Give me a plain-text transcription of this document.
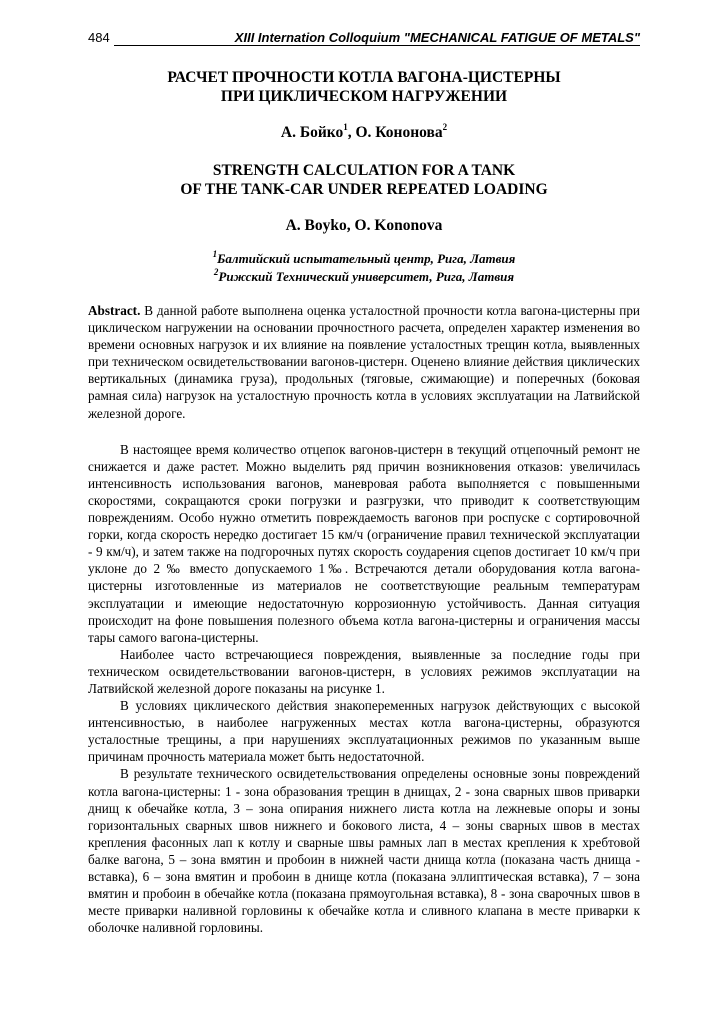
484	XIII Internation Colloquium "MECHANICAL FATIGUE OF METALS"
РАСЧЕТ ПРОЧНОСТИ КОТЛА ВАГОНА-ЦИСТЕРНЫ
ПРИ ЦИКЛИЧЕСКОМ НАГРУЖЕНИИ
А. Бойко$^1$, О. Кононова$^2$
STRENGTH CALCULATION FOR A TANK
OF THE TANK-CAR UNDER REPEATED LOADING
A. Boyko, O. Kononova
$^1$Балтийский испытательный центр, Рига, Латвия
$^2$Рижский Технический университет, Рига, Латвия
Abstract. В данной работе выполнена оценка усталостной прочности котла вагона-цистерны при циклическом нагружении на основании прочностного расчета, определен характер изменения во времени основных нагрузок и их влияние на появление усталостных трещин котла, выявленных при техническом освидетельствовании вагонов-цистерн. Оценено влияние действия циклических вертикальных (динамика груза), продольных (тяговые, сжимающие) и поперечных (боковая рамная сила) нагрузок на усталостную прочность котла в условиях эксплуатации на Латвийской железной дороге.

В настоящее время количество отцепок вагонов-цистерн в текущий отцепочный ремонт не снижается и даже растет. Можно выделить ряд причин возникновения отказов: увеличилась интенсивность использования вагонов, маневровая работа выполняется с повышенными скоростями, сокращаются сроки погрузки и разгрузки, что приводит к соответствующим повреждениям. Особо нужно отметить повреждаемость вагонов при роспуске с сортировочной горки, когда скорость нередко достигает 15 км/ч (ограничение правил технической эксплуатации - 9 км/ч), и затем также на подгорочных путях скорость соударения сцепов достигает 10 км/ч при уклоне до 2 ‰ вместо допускаемого 1‰. Встречаются детали оборудования котла вагона-цистерны изготовленные из материалов не соответствующие реальным температурам эксплуатации и имеющие недостаточную коррозионную устойчивость. Данная ситуация происходит на фоне повышения полезного объема котла вагона-цистерны и ограничения массы тары самого вагона-цистерны.

Наиболее часто встречающиеся повреждения, выявленные за последние годы при техническом освидетельствовании вагонов-цистерн, в условиях режимов эксплуатации на Латвийской железной дороге показаны на рисунке 1.

В условиях циклического действия знакопеременных нагрузок действующих с высокой интенсивностью, в наиболее нагруженных местах котла вагона-цистерны, образуются усталостные трещины, а при нарушениях эксплуатационных режимов по указанным выше причинам прочность материала может быть недостаточной.

В результате технического освидетельствования определены основные зоны повреждений котла вагона-цистерны: 1 - зона образования трещин в днищах, 2 - зона сварных швов приварки днищ к обечайке котла, 3 – зона опирания нижнего листа котла на лежневые опоры и зоны горизонтальных сварных швов нижнего и бокового листа, 4 – зоны сварных швов в местах крепления фасонных лап к котлу и сварные швы рамных лап в местах крепления к хребтовой балке вагона, 5 – зона вмятин и пробоин в нижней части днища котла (показана часть днища - вставка), 6 – зона вмятин и пробоин в днище котла (показана эллиптическая вставка), 7 – зона вмятин и пробоин в обечайке котла (показана прямоугольная вставка), 8 - зона сварочных швов в месте приварки наливной горловины к обечайке котла и сливного клапана в месте приварки к оболочке наливной горловины.
